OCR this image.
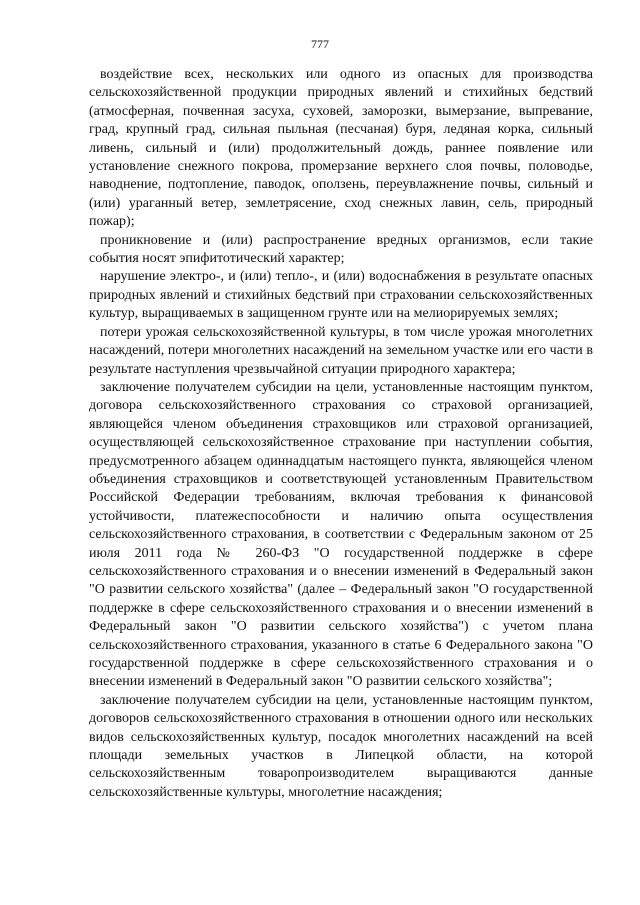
777

воздействие всех, нескольких или одного из опасных для производства сельскохозяйственной продукции природных явлений и стихийных бедствий (атмосферная, почвенная засуха, суховей, заморозки, вымерзание, выпревание, град, крупный град, сильная пыльная (песчаная) буря, ледяная корка, сильный ливень, сильный и (или) продолжительный дождь, раннее появление или установление снежного покрова, промерзание верхнего слоя почвы, половодье, наводнение, подтопление, паводок, оползень, переувлажнение почвы, сильный и (или) ураганный ветер, землетрясение, сход снежных лавин, сель, природный пожар);

проникновение и (или) распространение вредных организмов, если такие события носят эпифитотический характер;

нарушение электро-, и (или) тепло-, и (или) водоснабжения в результате опасных природных явлений и стихийных бедствий при страховании сельскохозяйственных культур, выращиваемых в защищенном грунте или на мелиорируемых землях;

потери урожая сельскохозяйственной культуры, в том числе урожая многолетних насаждений, потери многолетних насаждений на земельном участке или его части в результате наступления чрезвычайной ситуации природного характера;

заключение получателем субсидии на цели, установленные настоящим пунктом, договора сельскохозяйственного страхования со страховой организацией, являющейся членом объединения страховщиков или страховой организацией, осуществляющей сельскохозяйственное страхование при наступлении события, предусмотренного абзацем одиннадцатым настоящего пункта, являющейся членом объединения страховщиков и соответствующей установленным Правительством Российской Федерации требованиям, включая требования к финансовой устойчивости, платежеспособности и наличию опыта осуществления сельскохозяйственного страхования, в соответствии с Федеральным законом от 25 июля 2011 года № 260-ФЗ "О государственной поддержке в сфере сельскохозяйственного страхования и о внесении изменений в Федеральный закон "О развитии сельского хозяйства" (далее – Федеральный закон "О государственной поддержке в сфере сельскохозяйственного страхования и о внесении изменений в Федеральный закон "О развитии сельского хозяйства") с учетом плана сельскохозяйственного страхования, указанного в статье 6 Федерального закона "О государственной поддержке в сфере сельскохозяйственного страхования и о внесении изменений в Федеральный закон "О развитии сельского хозяйства";

заключение получателем субсидии на цели, установленные настоящим пунктом, договоров сельскохозяйственного страхования в отношении одного или нескольких видов сельскохозяйственных культур, посадок многолетних насаждений на всей площади земельных участков в Липецкой области, на которой сельскохозяйственным товаропроизводителем выращиваются данные сельскохозяйственные культуры, многолетние насаждения;
